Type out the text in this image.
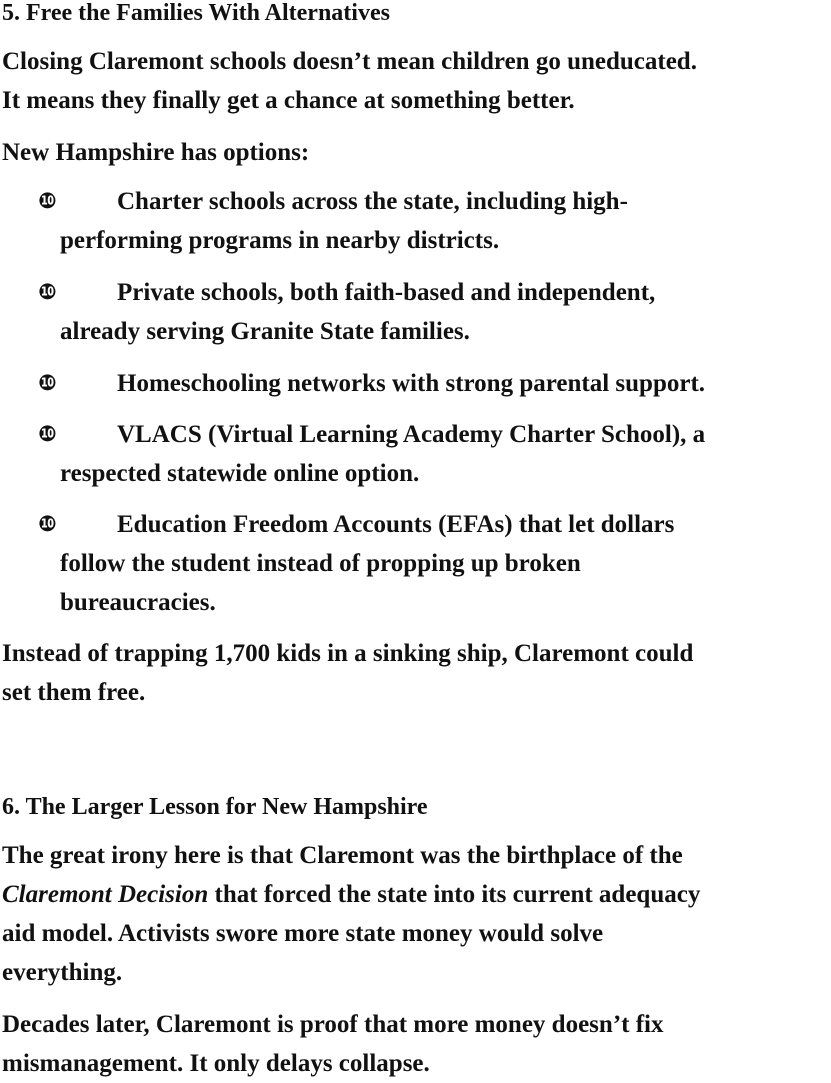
5. Free the Families With Alternatives

Closing Claremont schools doesn’t mean children go uneducated.
It means they finally get a chance at something better.

New Hampshire has options:

❿ Charter schools across the state, including high-
performing programs in nearby districts.
❿ Private schools, both faith-based and independent,
already serving Granite State families.
❿ Homeschooling networks with strong parental support.
❿ VLACS (Virtual Learning Academy Charter School), a
respected statewide online option.
❿ Education Freedom Accounts (EFAs) that let dollars
follow the student instead of propping up broken
bureaucracies.

Instead of trapping 1,700 kids in a sinking ship, Claremont could
set them free.

6. The Larger Lesson for New Hampshire

The great irony here is that Claremont was the birthplace of the
Claremont Decision that forced the state into its current adequacy
aid model. Activists swore more state money would solve
everything.

Decades later, Claremont is proof that more money doesn’t fix
mismanagement. It only delays collapse.
